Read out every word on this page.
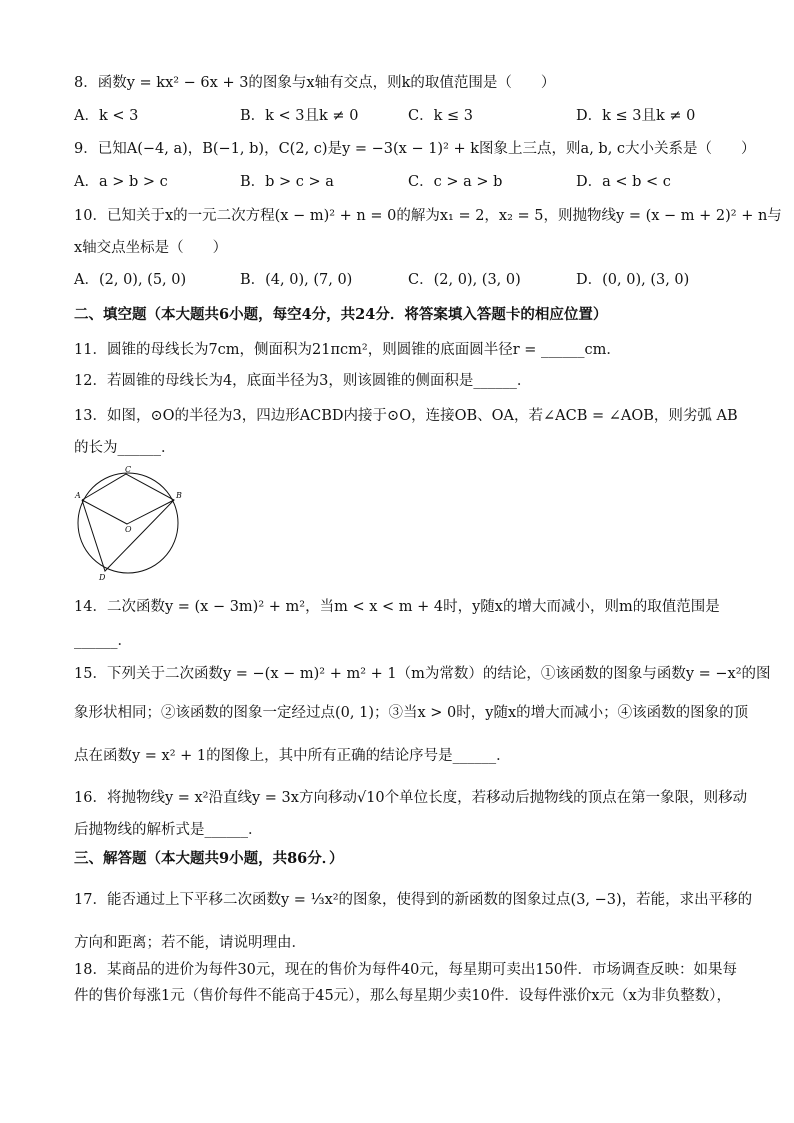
8．函数y = kx² − 6x + 3的图象与x轴有交点，则k的取值范围是（　　）
A．k < 3	B．k < 3且k ≠ 0	C．k ≤ 3	D．k ≤ 3且k ≠ 0
9．已知A(−4, a)，B(−1, b)，C(2, c)是y = −3(x − 1)² + k图象上三点，则a, b, c大小关系是（　　）
A．a > b > c	B．b > c > a	C．c > a > b	D．a < b < c
10．已知关于x的一元二次方程(x − m)² + n = 0的解为x₁ = 2，x₂ = 5，则抛物线y = (x − m + 2)² + n与
x轴交点坐标是（　　）
A．(2, 0), (5, 0)	B．(4, 0), (7, 0)	C．(2, 0), (3, 0)	D．(0, 0), (3, 0)
二、填空题（本大题共6小题，每空4分，共24分．将答案填入答题卡的相应位置）
11．圆锥的母线长为7cm，侧面积为21πcm²，则圆锥的底面圆半径r = ______cm．
12．若圆锥的母线长为4，底面半径为3，则该圆锥的侧面积是______．
13．如图，⊙O的半径为3，四边形ACBD内接于⊙O，连接OB、OA，若∠ACB = ∠AOB，则劣弧 AB
的长为______．
A	B
C
O
D
14．二次函数y = (x − 3m)² + m²，当m < x < m + 4时，y随x的增大而减小，则m的取值范围是
______．
15．下列关于二次函数y = −(x − m)² + m² + 1（m为常数）的结论，①该函数的图象与函数y = −x²的图
象形状相同；②该函数的图象一定经过点(0, 1)；③当x > 0时，y随x的增大而减小；④该函数的图象的顶
点在函数y = x² + 1的图像上，其中所有正确的结论序号是______．
16．将抛物线y = x²沿直线y = 3x方向移动√10个单位长度，若移动后抛物线的顶点在第一象限，则移动
后抛物线的解析式是______．
三、解答题（本大题共9小题，共86分．）
17．能否通过上下平移二次函数y = ⅓x²的图象，使得到的新函数的图象过点(3, −3)，若能，求出平移的
方向和距离；若不能，请说明理由．
18．某商品的进价为每件30元，现在的售价为每件40元，每星期可卖出150件．市场调查反映：如果每
件的售价每涨1元（售价每件不能高于45元），那么每星期少卖10件．设每件涨价x元（x为非负整数），
